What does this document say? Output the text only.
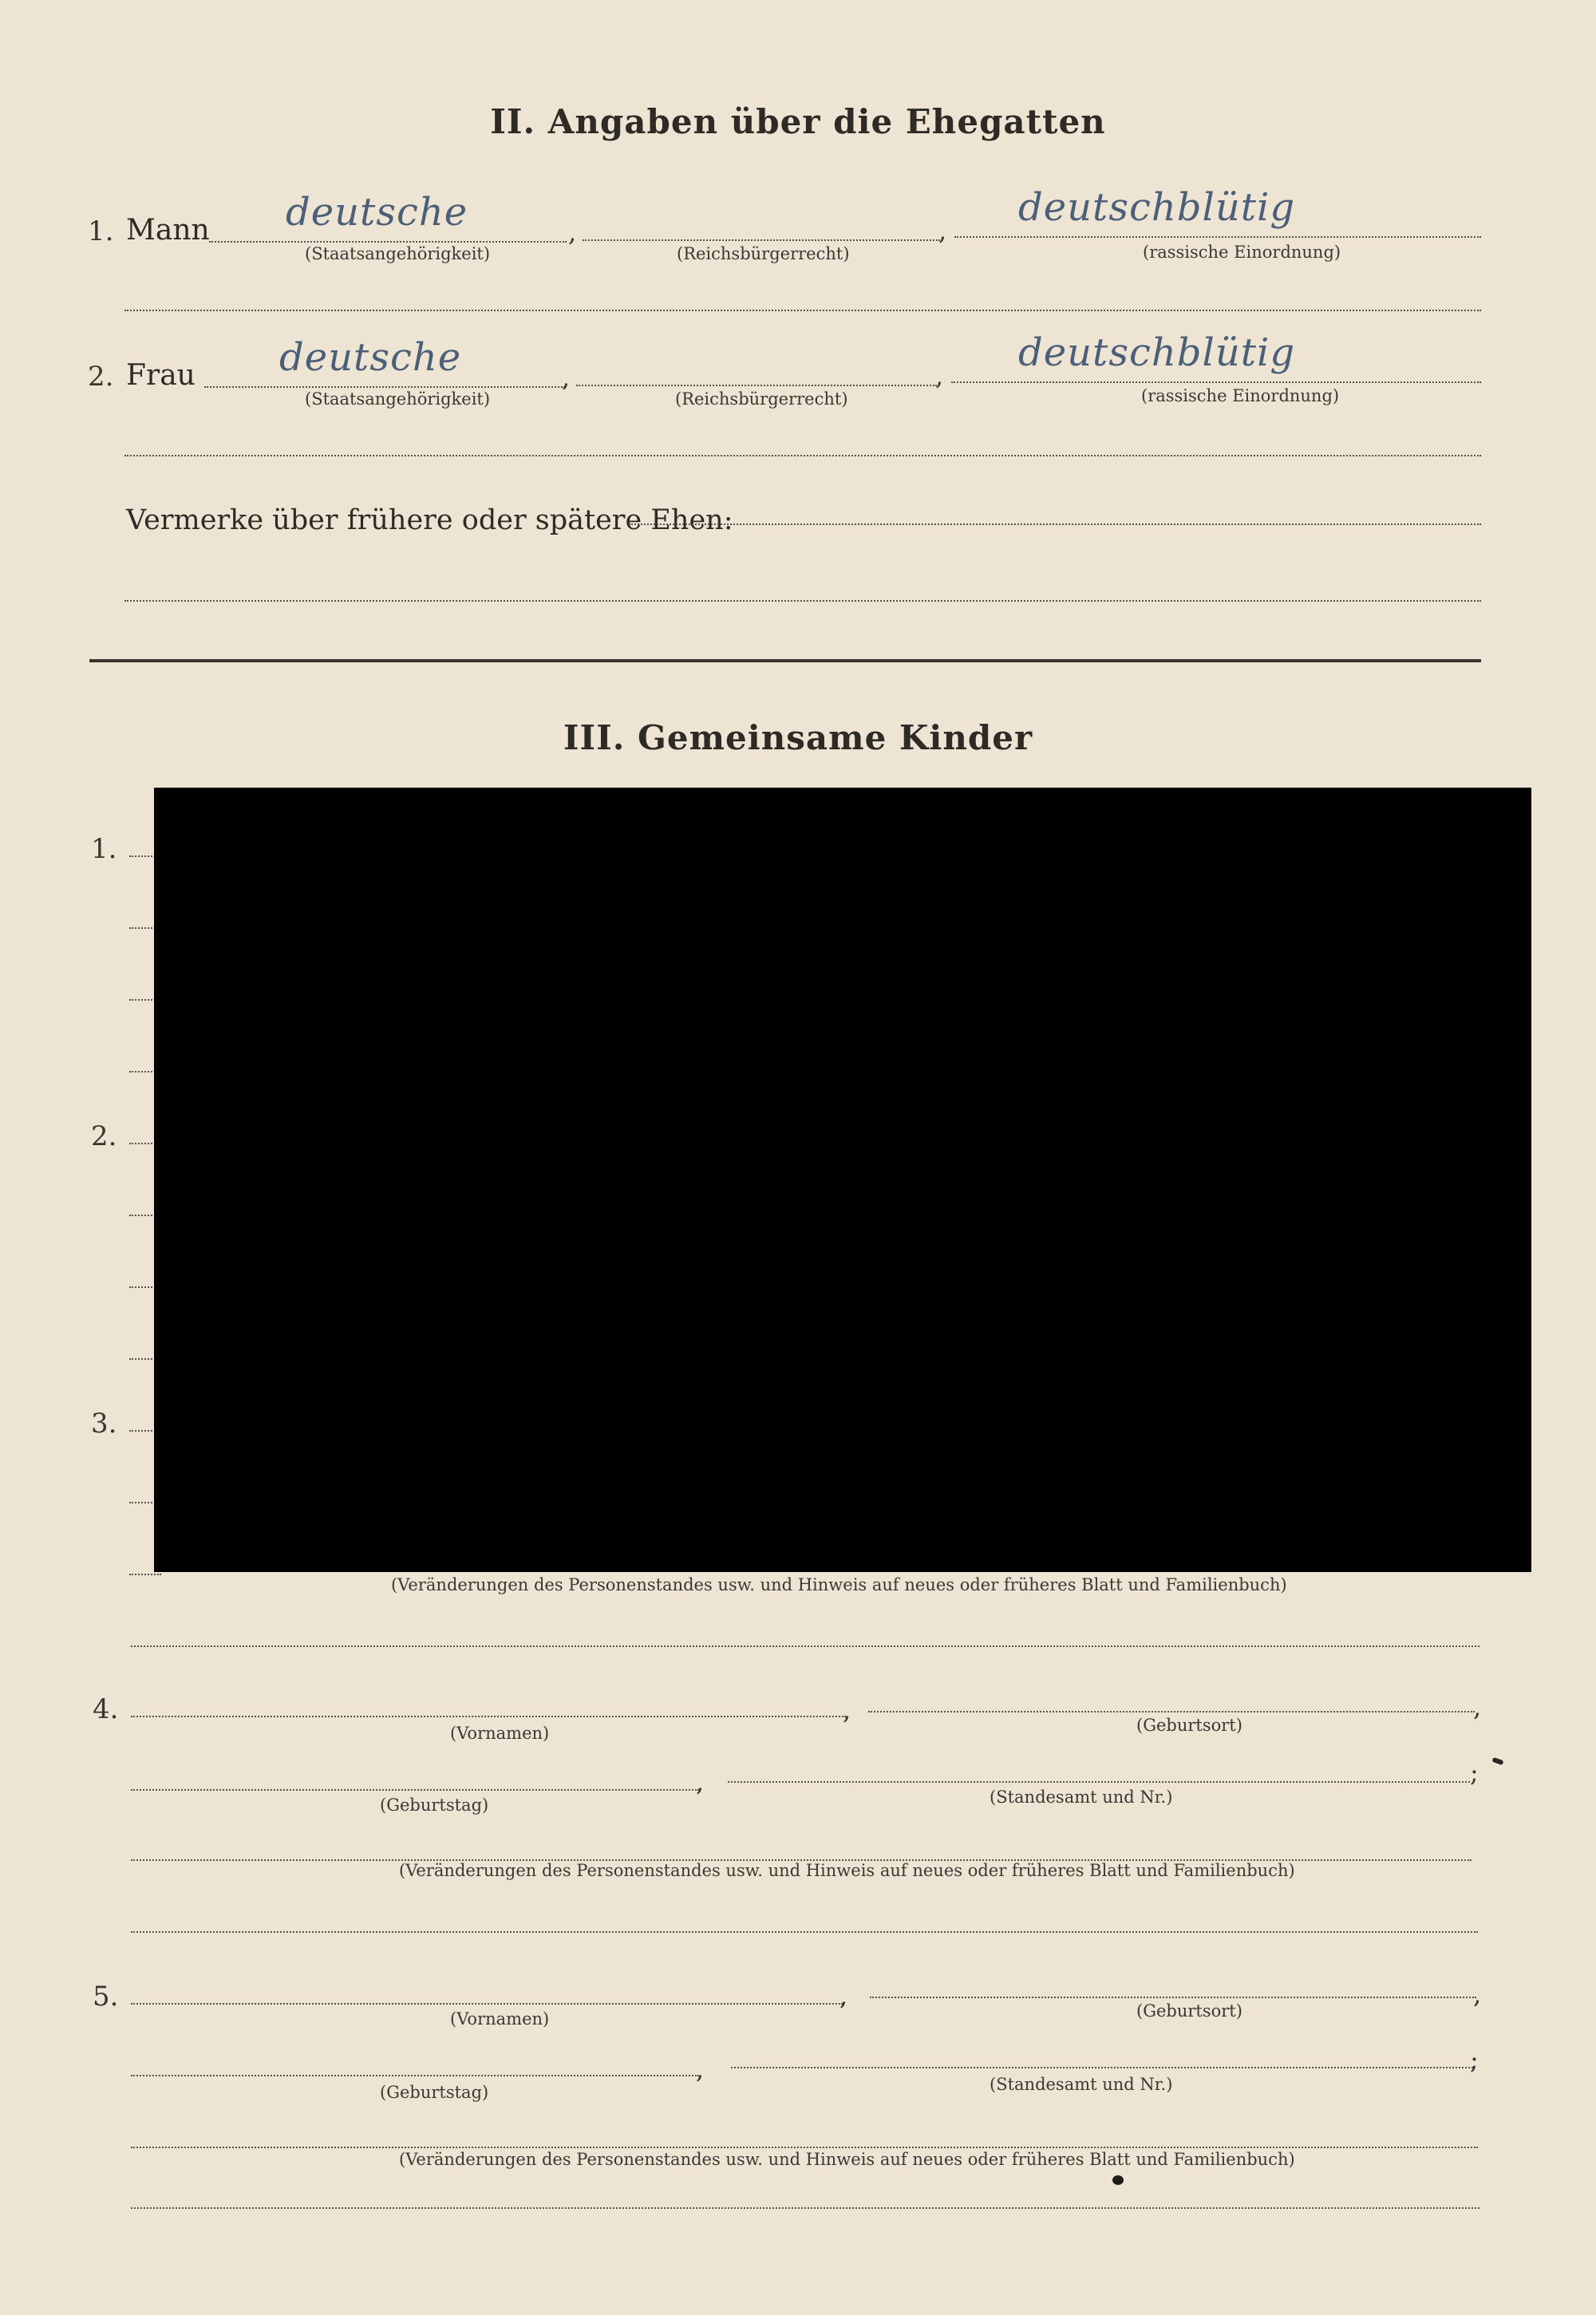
II. Angaben über die Ehegatten
1. Mann deutsche	,	,
deutschblütig
(Staatsangehörigkeit)	(Reichsbürgerrecht)	(rassische Einordnung)
2. Frau deutsche	,	,
deutschblütig
(Staatsangehörigkeit)	(Reichsbürgerrecht)	(rassische Einordnung)
Vermerke über frühere oder spätere Ehen:
III. Gemeinsame Kinder
1.
2.
3.
(Veränderungen des Personenstandes usw. und Hinweis auf neues oder früheres Blatt und Familienbuch)
4.	,	,
(Vornamen)	(Geburtsort)
,	;
(Geburtstag)	(Standesamt und Nr.)
(Veränderungen des Personenstandes usw. und Hinweis auf neues oder früheres Blatt und Familienbuch)
5.	,	,
(Vornamen)	(Geburtsort)
,	;
(Geburtstag)	(Standesamt und Nr.)
(Veränderungen des Personenstandes usw. und Hinweis auf neues oder früheres Blatt und Familienbuch)
